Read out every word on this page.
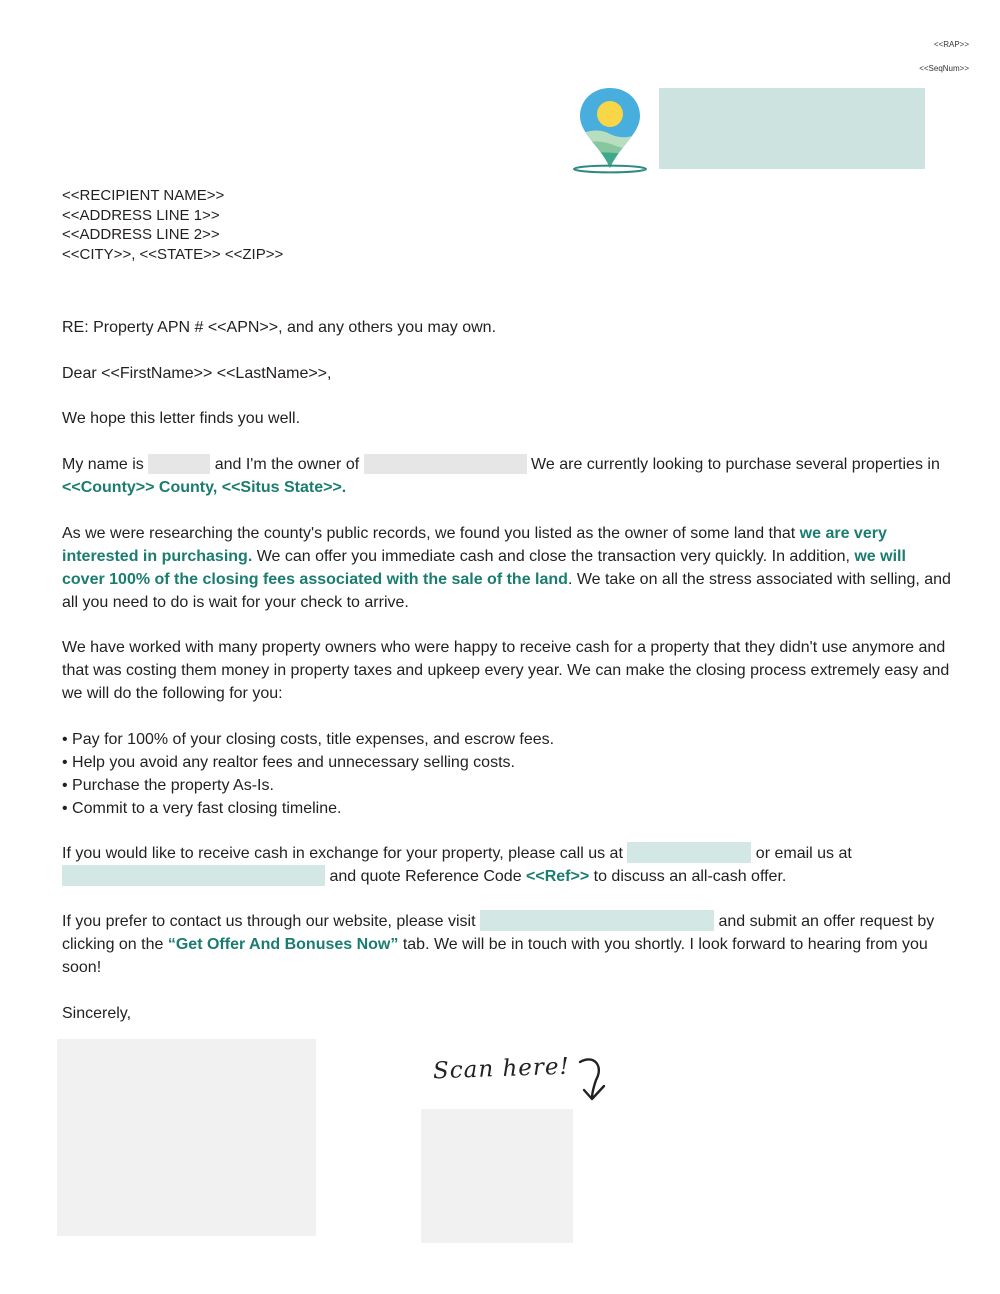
<<RAP>>
<<SeqNum>>
<<RECIPIENT NAME>>
<<ADDRESS LINE 1>>
<<ADDRESS LINE 2>>
<<CITY>>, <<STATE>> <<ZIP>>
RE: Property APN # <<APN>>, and any others you may own.
Dear <<FirstName>> <<LastName>>,
We hope this letter finds you well.
My name is	and I'm the owner of	We are currently looking to purchase several properties in <<County>> County, <<Situs State>>.
As we were researching the county's public records, we found you listed as the owner of some land that we are very interested in purchasing. We can offer you immediate cash and close the transaction very quickly. In addition, we will cover 100% of the closing fees associated with the sale of the land. We take on all the stress associated with selling, and all you need to do is wait for your check to arrive.
We have worked with many property owners who were happy to receive cash for a property that they didn't use anymore and that was costing them money in property taxes and upkeep every year. We can make the closing process extremely easy and we will do the following for you:
• Pay for 100% of your closing costs, title expenses, and escrow fees.
• Help you avoid any realtor fees and unnecessary selling costs.
• Purchase the property As-Is.
• Commit to a very fast closing timeline.
If you would like to receive cash in exchange for your property, please call us at	or email us at  and quote Reference Code <<Ref>> to discuss an all-cash offer.
If you prefer to contact us through our website, please visit	and submit an offer request by clicking on the “Get Offer And Bonuses Now” tab. We will be in touch with you shortly. I look forward to hearing from you soon!
Sincerely,
Scan here!
